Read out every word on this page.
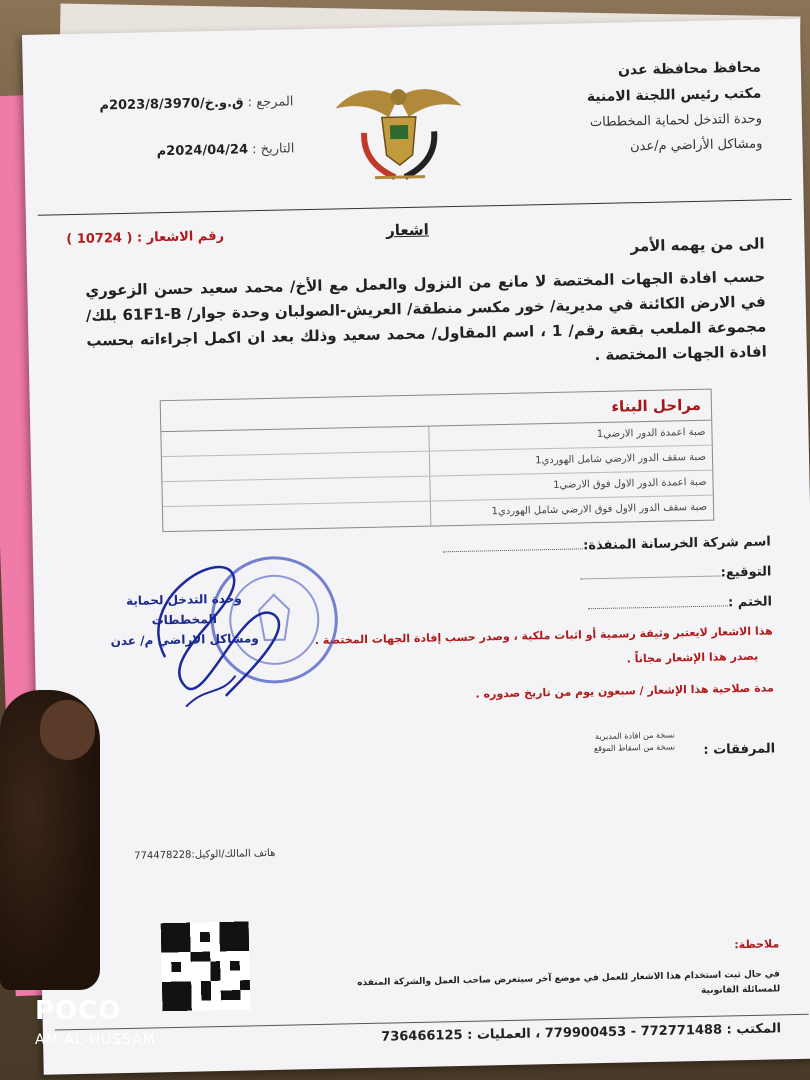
محافظ محافظة عدن
مكتب رئيس اللجنة الامنية
وحدة التدخل لحماية المخططات
ومشاكل الأراضي م/عدن
المرجع : ق.و.خ/2023/8/3970م
التاريخ : 2024/04/24م
رقم الاشعار : ( 10724 )	اشعار
الى من يهمه الأمر
حسب افادة الجهات المختصة لا مانع من النزول والعمل مع الأخ/ محمد سعيد حسن الزعوري في الارض الكائنة في مديرية/ خور مكسر منطقة/ العريش-الصولبان وحدة جوار/ 61F1-B بلك/مجموعة الملعب بقعة رقم/ 1 ، اسم المقاول/ محمد سعيد وذلك بعد ان اكمل اجراءاته بحسب افادة الجهات المختصة .
مراحل البناء
صبة اعمدة الدور الارضي1
صبة سقف الدور الارضي شامل الهوردي1
صبة اعمدة الدور الاول فوق الارضي1
صبة سقف الدور الاول فوق الارضي شامل الهوردي1
اسم شركة الخرسانة المنفذة:
التوقيع:
الختم :
هذا الاشعار لايعتبر وثيقة رسمية أو اثبات ملكية ، وصدر حسب إفادة الجهات المختصة .
يصدر هذا الإشعار مجاناً .
مدة صلاحية هذا الإشعار / سبعون يوم من تاريخ صدوره .
نسخة من افادة المديرية
نسخة من اسقاط الموقع المرفقات :
وحدة التدخل لحماية المخططات
ومشاكل الاراضي م/ عدن
هاتف المالك/الوكيل:774478228
ملاحظة:
في حال ثبت استخدام هذا الاشعار للعمل في موضع آخر سيتعرض صاحب العمل والشركة المنفذه للمسائلة القانونية
المكتب : 772771488 - 779900453 ، العمليات : 736466125
POCO
AM AL-HUSSAM
